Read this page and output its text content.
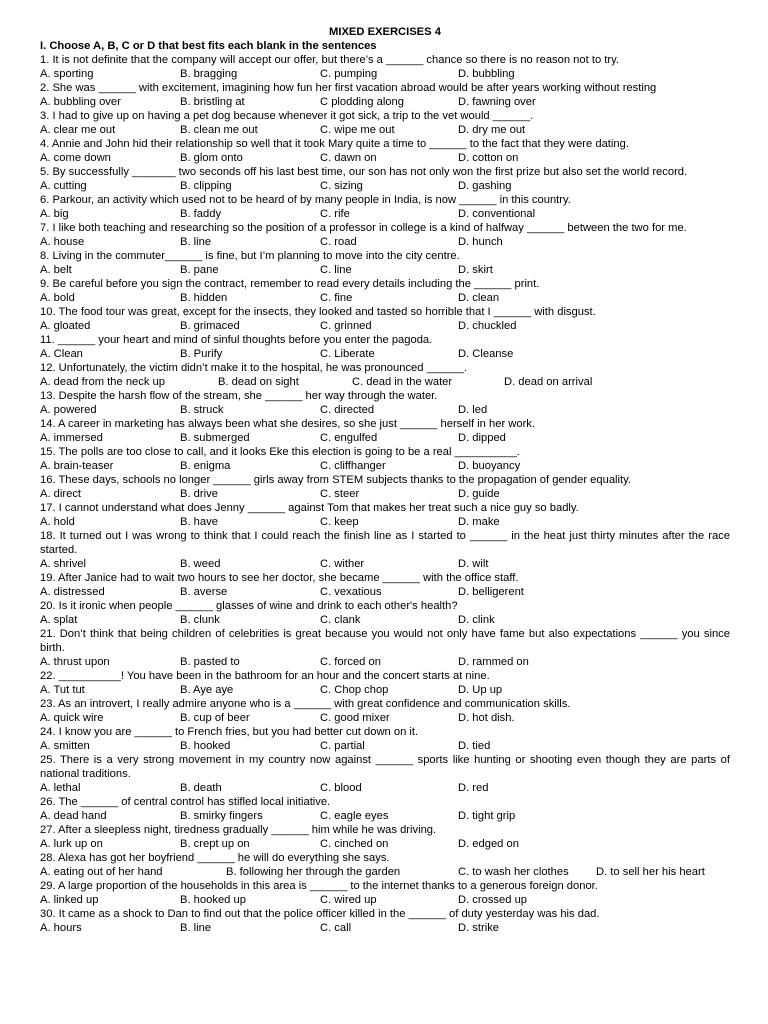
MIXED EXERCISES 4
I. Choose A, B, C or D that best fits each blank in the sentences
1. It is not definite that the company will accept our offer, but there’s a ______ chance so there is no reason not to try.
A. sporting	B. bragging	C. pumping	D. bubbling
2. She was ______ with excitement, imagining how fun her first vacation abroad would be after years working without resting
A. bubbling over	B. bristling at	C plodding along	D. fawning over
3. I had to give up on having a pet dog because whenever it got sick, a trip to the vet would ______.
A. clear me out	B. clean me out	C. wipe me out	D. dry me out
4. Annie and John hid their relationship so well that it took Mary quite a time to ______ to the fact that they were dating.
A. come down	B. glom onto	C. dawn on	D. cotton on
5. By successfully _______ two seconds off his last best time, our son has not only won the first prize but also set the world record.
A. cutting	B. clipping	C. sizing	D. gashing
6. Parkour, an activity which used not to be heard of by many people in India, is now ______ in this country.
A. big	B. faddy	C. rife	D. conventional
7. I like both teaching and researching so the position of a professor in college is a kind of halfway ______ between the two for me.
A. house	B. line	C. road	D. hunch
8. Living in the commuter______ is fine, but I’m planning to move into the city centre.
A. belt	B. pane	C. line	D. skirt
9. Be careful before you sign the contract, remember to read every details including the ______ print.
A. bold	B. hidden	C. fine	D. clean
10. The food tour was great, except for the insects, they looked and tasted so horrible that I ______ with disgust.
A. gloated	B. grimaced	C. grinned	D. chuckled
11. ______ your heart and mind of sinful thoughts before you enter the pagoda.
A. Clean	B. Purify	C. Liberate	D. Cleanse
12. Unfortunately, the victim didn’t make it to the hospital, he was pronounced ______.
A. dead from the neck up	B. dead on sight	C. dead in the water	D. dead on arrival
13. Despite the harsh flow of the stream, she ______ her way through the water.
A. powered	B. struck	C. directed	D. led
14. A career in marketing has always been what she desires, so she just ______ herself in her work.
A. immersed	B. submerged	C. engulfed	D. dipped
15. The polls are too close to call, and it looks Eke this election is going to be a real __________.
A. brain-teaser	B. enigma	C. cliffhanger	D. buoyancy
16. These days, schools no longer ______ girls away from STEM subjects thanks to the propagation of gender equality.
A. direct	B. drive	C. steer	D. guide
17. I cannot understand what does Jenny ______ against Tom that makes her treat such a nice guy so badly.
A. hold	B. have	C. keep	D. make
18. It turned out I was wrong to think that I could reach the finish line as I started to ______ in the heat just thirty minutes after the race started.
A. shrivel	B. weed	C. wither	D. wilt
19. After Janice had to wait two hours to see her doctor, she became ______ with the office staff.
A. distressed	B. averse	C. vexatious	D. belligerent
20. Is it ironic when people ______ glasses of wine and drink to each other's health?
A. splat	B. clunk	C. clank	D. clink
21. Don’t think that being children of celebrities is great because you would not only have fame but also expectations ______ you since birth.
A. thrust upon	B. pasted to	C. forced on	D. rammed on
22. __________! You have been in the bathroom for an hour and the concert starts at nine.
A. Tut tut	B. Aye aye	C. Chop chop	D. Up up
23. As an introvert, I really admire anyone who is a ______ with great confidence and communication skills.
A. quick wire	B. cup of beer	C. good mixer	D. hot dish.
24. I know you are ______ to French fries, but you had better cut down on it.
A. smitten	B. hooked	C. partial	D. tied
25. There is a very strong movement in my country now against ______ sports like hunting or shooting even though they are parts of national traditions.
A. lethal	B. death	C. blood	D. red
26. The ______ of central control has stifled local initiative.
A. dead hand	B. smirky fingers	C. eagle eyes	D. tight grip
27. After a sleepless night, tiredness gradually ______ him while he was driving.
A. lurk up on	B. crept up on	C. cinched on	D. edged on
28. Alexa has got her boyfriend ______ he will do everything she says.
A. eating out of her hand	B. following her through the garden	C. to wash her clothes D. to sell her his heart
29. A large proportion of the households in this area is ______ to the internet thanks to a generous foreign donor.
A. linked up	B. hooked up	C. wired up	D. crossed up
30. It came as a shock to Dan to find out that the police officer killed in the ______ of duty yesterday was his dad.
A. hours	B. line	C. call	D. strike
